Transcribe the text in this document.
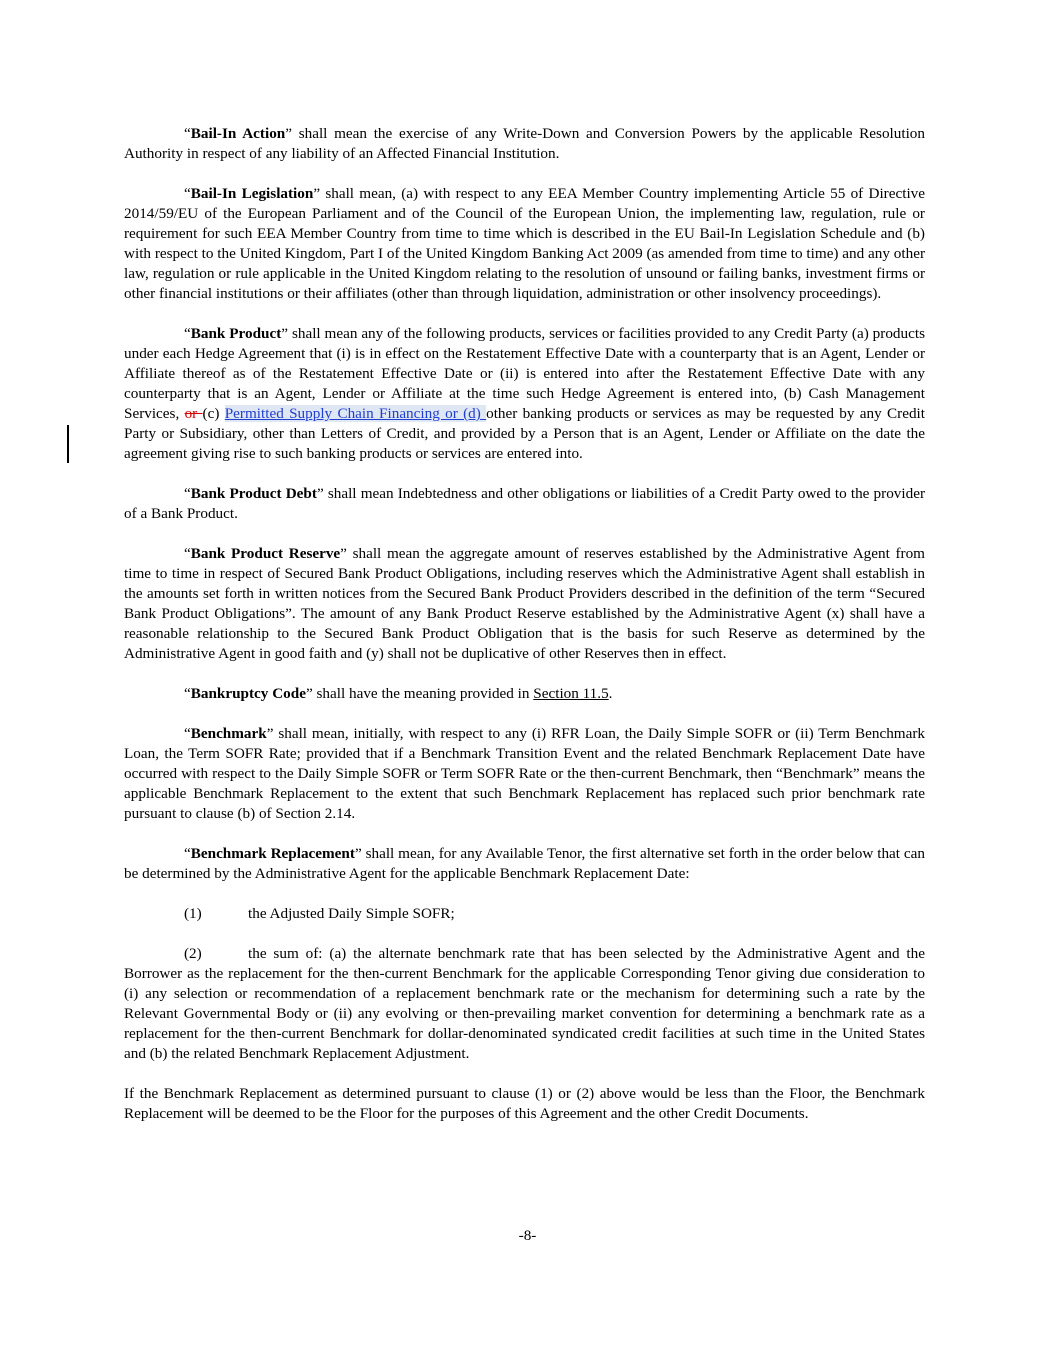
“Bail-In Action” shall mean the exercise of any Write-Down and Conversion Powers by the applicable Resolution Authority in respect of any liability of an Affected Financial Institution.

“Bail-In Legislation” shall mean, (a) with respect to any EEA Member Country implementing Article 55 of Directive 2014/59/EU of the European Parliament and of the Council of the European Union, the implementing law, regulation, rule or requirement for such EEA Member Country from time to time which is described in the EU Bail-In Legislation Schedule and (b) with respect to the United Kingdom, Part I of the United Kingdom Banking Act 2009 (as amended from time to time) and any other law, regulation or rule applicable in the United Kingdom relating to the resolution of unsound or failing banks, investment firms or other financial institutions or their affiliates (other than through liquidation, administration or other insolvency proceedings).

“Bank Product” shall mean any of the following products, services or facilities provided to any Credit Party (a) products under each Hedge Agreement that (i) is in effect on the Restatement Effective Date with a counterparty that is an Agent, Lender or Affiliate thereof as of the Restatement Effective Date or (ii) is entered into after the Restatement Effective Date with any counterparty that is an Agent, Lender or Affiliate at the time such Hedge Agreement is entered into, (b) Cash Management Services, or (c) Permitted Supply Chain Financing or (d) other banking products or services as may be requested by any Credit Party or Subsidiary, other than Letters of Credit, and provided by a Person that is an Agent, Lender or Affiliate on the date the agreement giving rise to such banking products or services are entered into.

“Bank Product Debt” shall mean Indebtedness and other obligations or liabilities of a Credit Party owed to the provider of a Bank Product.

“Bank Product Reserve” shall mean the aggregate amount of reserves established by the Administrative Agent from time to time in respect of Secured Bank Product Obligations, including reserves which the Administrative Agent shall establish in the amounts set forth in written notices from the Secured Bank Product Providers described in the definition of the term “Secured Bank Product Obligations”. The amount of any Bank Product Reserve established by the Administrative Agent (x) shall have a reasonable relationship to the Secured Bank Product Obligation that is the basis for such Reserve as determined by the Administrative Agent in good faith and (y) shall not be duplicative of other Reserves then in effect.

“Bankruptcy Code” shall have the meaning provided in Section 11.5.

“Benchmark” shall mean, initially, with respect to any (i) RFR Loan, the Daily Simple SOFR or (ii) Term Benchmark Loan, the Term SOFR Rate; provided that if a Benchmark Transition Event and the related Benchmark Replacement Date have occurred with respect to the Daily Simple SOFR or Term SOFR Rate or the then-current Benchmark, then “Benchmark” means the applicable Benchmark Replacement to the extent that such Benchmark Replacement has replaced such prior benchmark rate pursuant to clause (b) of Section 2.14.

“Benchmark Replacement” shall mean, for any Available Tenor, the first alternative set forth in the order below that can be determined by the Administrative Agent for the applicable Benchmark Replacement Date:

(1)	the Adjusted Daily Simple SOFR;

(2)	the sum of: (a) the alternate benchmark rate that has been selected by the Administrative Agent and the Borrower as the replacement for the then-current Benchmark for the applicable Corresponding Tenor giving due consideration to (i) any selection or recommendation of a replacement benchmark rate or the mechanism for determining such a rate by the Relevant Governmental Body or (ii) any evolving or then-prevailing market convention for determining a benchmark rate as a replacement for the then-current Benchmark for dollar-denominated syndicated credit facilities at such time in the United States and (b) the related Benchmark Replacement Adjustment.

If the Benchmark Replacement as determined pursuant to clause (1) or (2) above would be less than the Floor, the Benchmark Replacement will be deemed to be the Floor for the purposes of this Agreement and the other Credit Documents.

-8-
